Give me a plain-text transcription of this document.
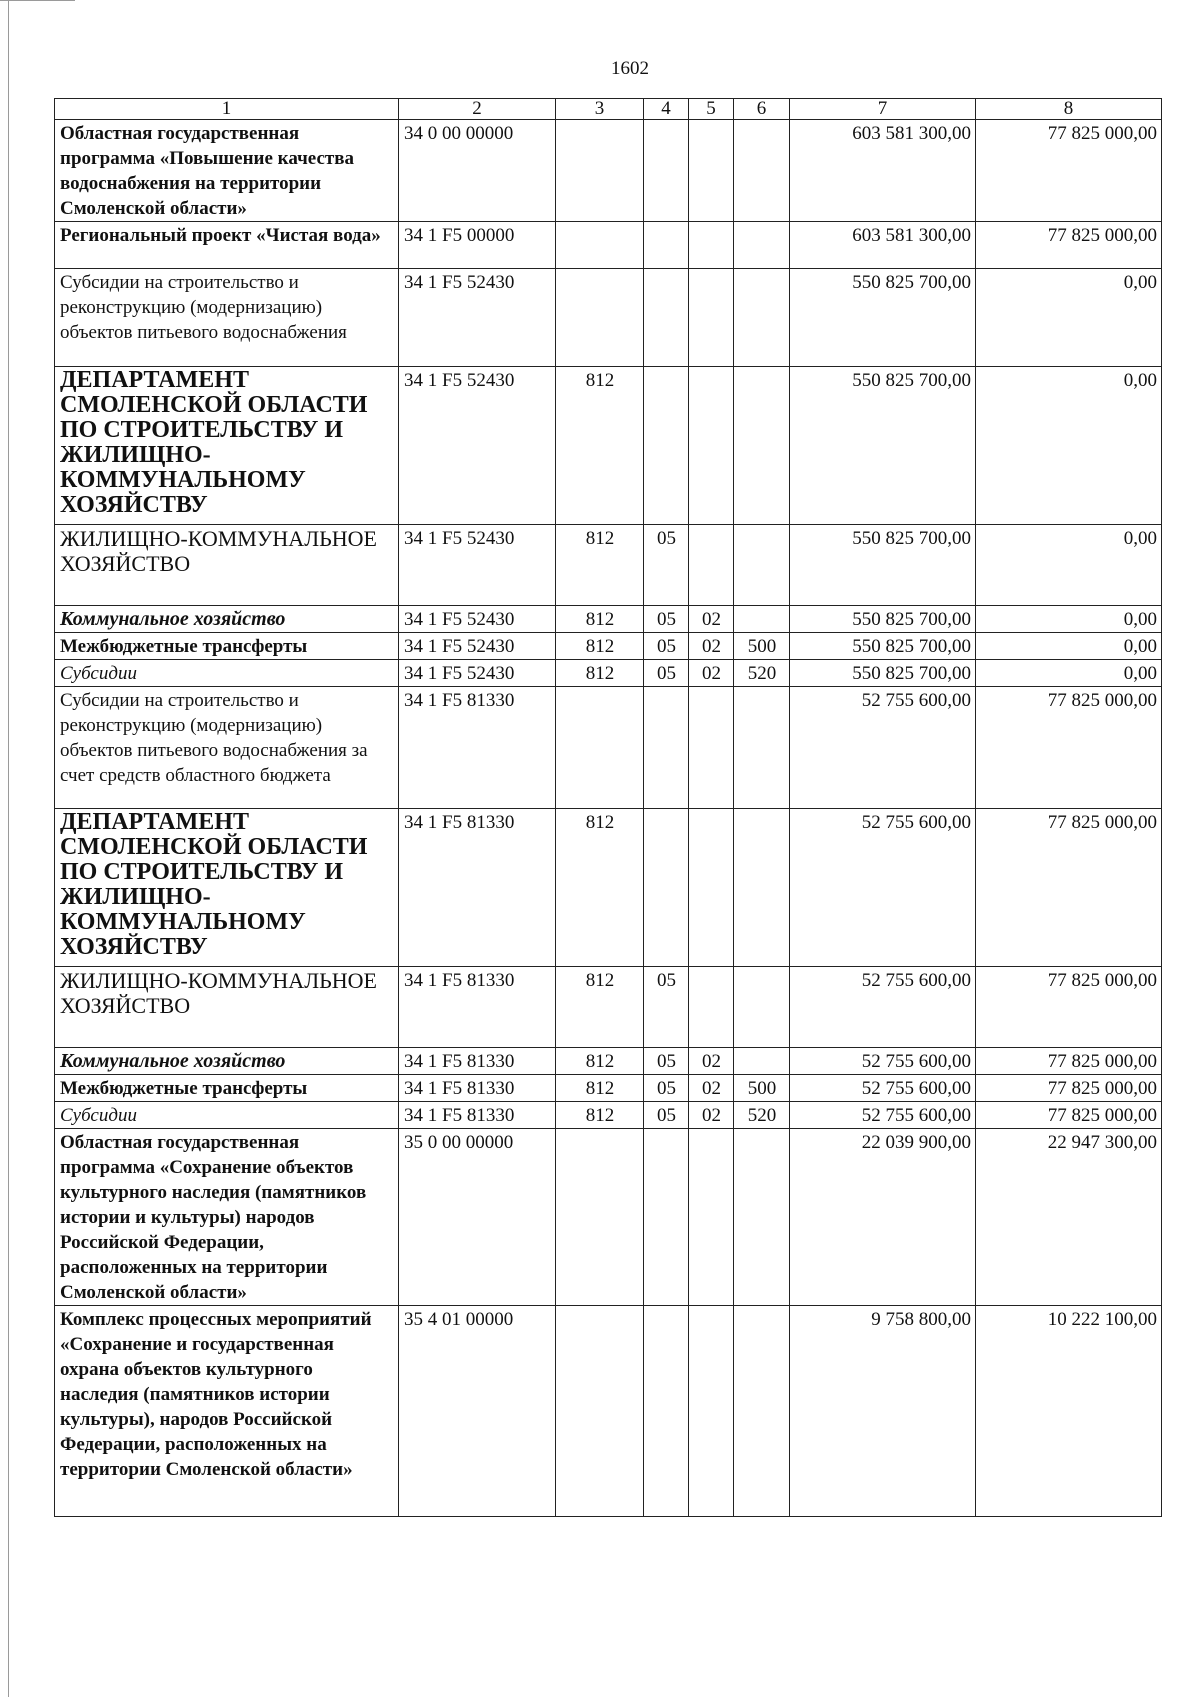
1602
1	2	3	4	5	6	7	8
Областная государственная программа «Повышение качества водоснабжения на территории Смоленской области»	34 0 00 00000					603 581 300,00	77 825 000,00
Региональный проект «Чистая вода»	34 1 F5 00000					603 581 300,00	77 825 000,00
Субсидии на строительство и реконструкцию (модернизацию) объектов питьевого водоснабжения	34 1 F5 52430					550 825 700,00	0,00
ДЕПАРТАМЕНТ СМОЛЕНСКОЙ ОБЛАСТИ ПО СТРОИТЕЛЬСТВУ И ЖИЛИЩНО-КОММУНАЛЬНОМУ ХОЗЯЙСТВУ	34 1 F5 52430	812				550 825 700,00	0,00
ЖИЛИЩНО-КОММУНАЛЬНОЕ ХОЗЯЙСТВО	34 1 F5 52430	812	05			550 825 700,00	0,00
Коммунальное хозяйство	34 1 F5 52430	812	05	02		550 825 700,00	0,00
Межбюджетные трансферты	34 1 F5 52430	812	05	02	500	550 825 700,00	0,00
Субсидии	34 1 F5 52430	812	05	02	520	550 825 700,00	0,00
Субсидии на строительство и реконструкцию (модернизацию) объектов питьевого водоснабжения за счет средств областного бюджета	34 1 F5 81330					52 755 600,00	77 825 000,00
ДЕПАРТАМЕНТ СМОЛЕНСКОЙ ОБЛАСТИ ПО СТРОИТЕЛЬСТВУ И ЖИЛИЩНО-КОММУНАЛЬНОМУ ХОЗЯЙСТВУ	34 1 F5 81330	812				52 755 600,00	77 825 000,00
ЖИЛИЩНО-КОММУНАЛЬНОЕ ХОЗЯЙСТВО	34 1 F5 81330	812	05			52 755 600,00	77 825 000,00
Коммунальное хозяйство	34 1 F5 81330	812	05	02		52 755 600,00	77 825 000,00
Межбюджетные трансферты	34 1 F5 81330	812	05	02	500	52 755 600,00	77 825 000,00
Субсидии	34 1 F5 81330	812	05	02	520	52 755 600,00	77 825 000,00
Областная государственная программа «Сохранение объектов культурного наследия (памятников истории и культуры) народов Российской Федерации, расположенных на территории Смоленской области»	35 0 00 00000					22 039 900,00	22 947 300,00
Комплекс процессных мероприятий «Сохранение и государственная охрана объектов культурного наследия (памятников истории культуры), народов Российской Федерации, расположенных на территории Смоленской области»	35 4 01 00000					9 758 800,00	10 222 100,00
